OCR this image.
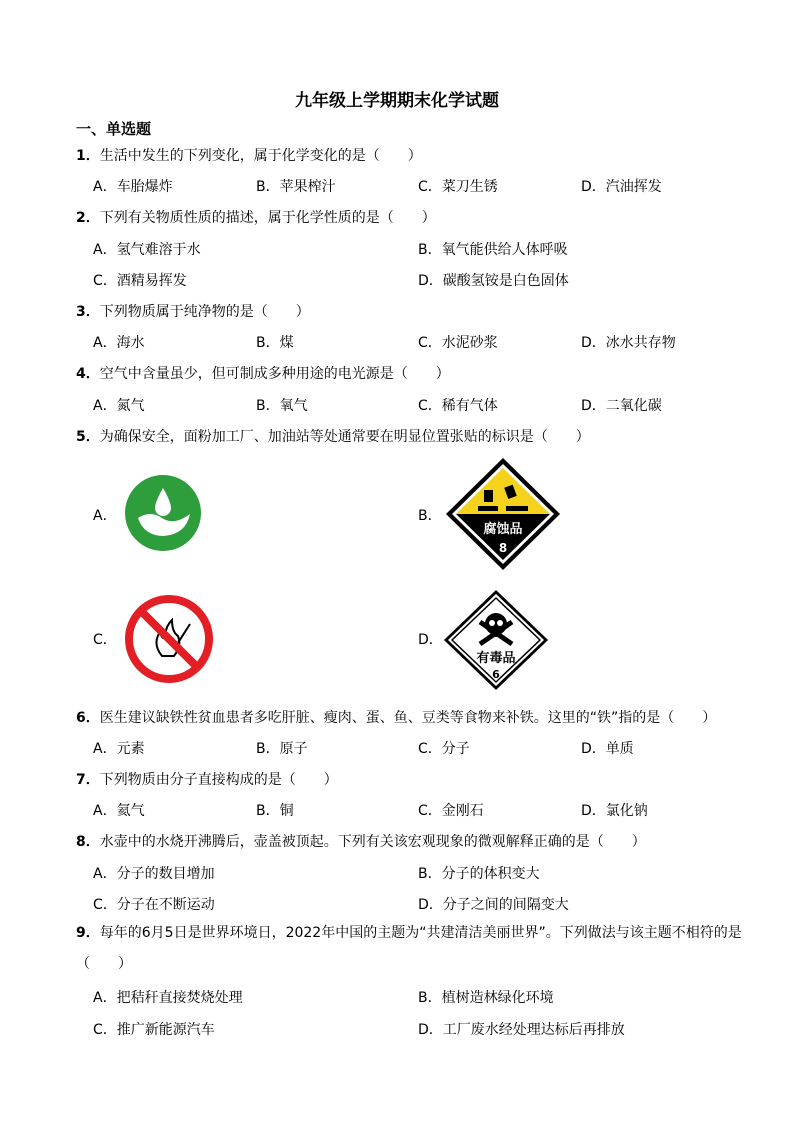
九年级上学期期末化学试题
一、单选题
1．生活中发生的下列变化，属于化学变化的是（　　）
A．车胎爆炸	B．苹果榨汁	C．菜刀生锈	D．汽油挥发
2．下列有关物质性质的描述，属于化学性质的是（　　）
A．氢气难溶于水	B．氧气能供给人体呼吸
C．酒精易挥发	D．碳酸氢铵是白色固体
3．下列物质属于纯净物的是（　　）
A．海水	B．煤	C．水泥砂浆	D．冰水共存物
4．空气中含量虽少，但可制成多种用途的电光源是（　　）
A．氮气	B．氧气	C．稀有气体	D．二氧化碳
5．为确保安全，面粉加工厂、加油站等处通常要在明显位置张贴的标识是（　　）
A．	B．
腐蚀品
8
C．	D．
有毒品
6
6．医生建议缺铁性贫血患者多吃肝脏、瘦肉、蛋、鱼、豆类等食物来补铁。这里的“铁”指的是（　　）
A．元素	B．原子	C．分子	D．单质
7．下列物质由分子直接构成的是（　　）
A．氦气	B．铜	C．金刚石	D．氯化钠
8．水壶中的水烧开沸腾后，壶盖被顶起。下列有关该宏观现象的微观解释正确的是（　　）
A．分子的数目增加	B．分子的体积变大
C．分子在不断运动	D．分子之间的间隔变大
9．每年的6月5日是世界环境日，2022年中国的主题为“共建清洁美丽世界”。下列做法与该主题不相符的是（　　）
A．把秸秆直接焚烧处理	B．植树造林绿化环境
C．推广新能源汽车	D．工厂废水经处理达标后再排放
